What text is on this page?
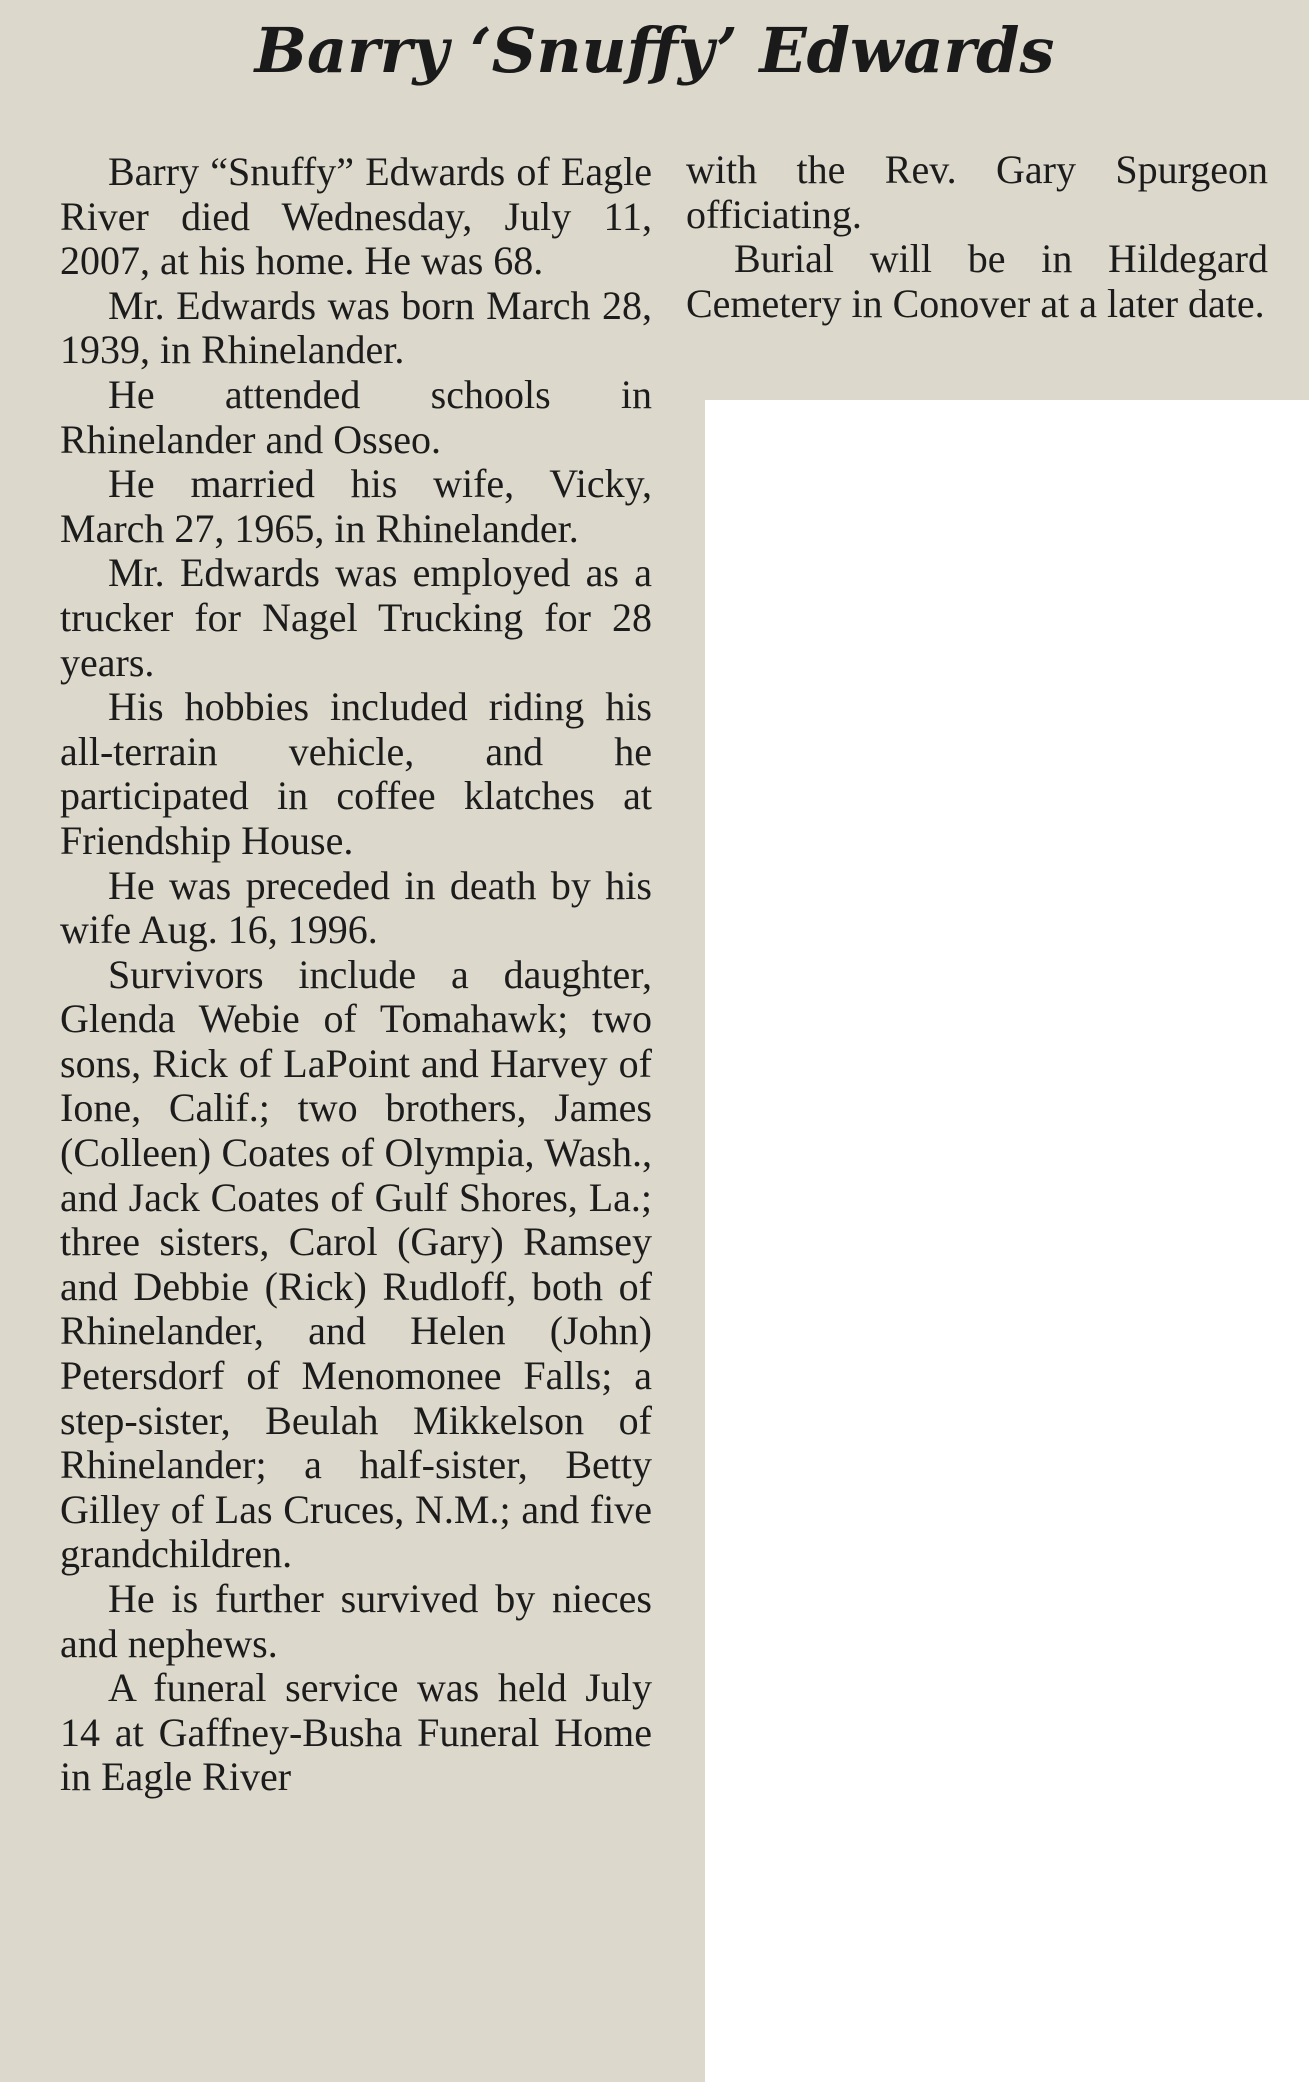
Barry ‘Snuffy’ Edwards

Barry “Snuffy” Edwards of Eagle River died Wednesday, July 11, 2007, at his home. He was 68.

Mr. Edwards was born March 28, 1939, in Rhinelander.

He attended schools in Rhinelander and Osseo.

He married his wife, Vicky, March 27, 1965, in Rhinelander.

Mr. Edwards was employed as a trucker for Nagel Trucking for 28 years.

His hobbies included riding his all-terrain vehicle, and he participated in coffee klatches at Friendship House.

He was preceded in death by his wife Aug. 16, 1996.

Survivors include a daughter, Glenda Webie of Tomahawk; two sons, Rick of LaPoint and Harvey of Ione, Calif.; two brothers, James (Colleen) Coates of Olympia, Wash., and Jack Coates of Gulf Shores, La.; three sisters, Carol (Gary) Ramsey and Debbie (Rick) Rudloff, both of Rhinelander, and Helen (John) Petersdorf of Menomonee Falls; a step-sister, Beulah Mikkelson of Rhinelander; a half-sister, Betty Gilley of Las Cruces, N.M.; and five grandchildren.

He is further survived by nieces and nephews.

A funeral service was held July 14 at Gaffney-Busha Funeral Home in Eagle River

with the Rev. Gary Spurgeon officiating.

Burial will be in Hildegard Cemetery in Conover at a later date.
